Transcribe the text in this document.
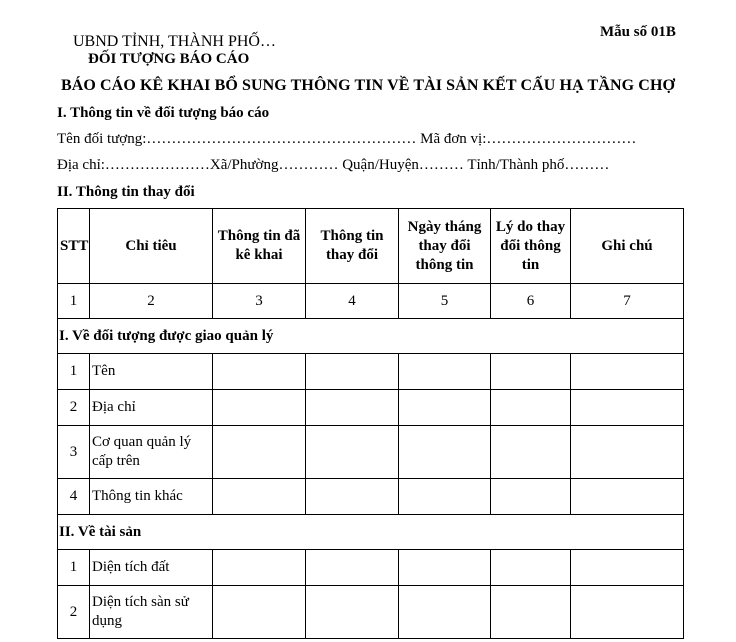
Mẫu số 01B
UBND TỈNH, THÀNH PHỐ…
ĐỐI TƯỢNG BÁO CÁO
BÁO CÁO KÊ KHAI BỔ SUNG THÔNG TIN VỀ TÀI SẢN KẾT CẤU HẠ TẦNG CHỢ
I. Thông tin về đối tượng báo cáo
Tên đối tượng:……………………………………………… Mã đơn vị:…………………………
Địa chỉ:…………………Xã/Phường………… Quận/Huyện……… Tỉnh/Thành phố………
II. Thông tin thay đổi
STT	Chỉ tiêu	Thông tin đã kê khai	Thông tin thay đổi	Ngày tháng thay đổi thông tin	Lý do thay đổi thông tin	Ghi chú
1	2	3	4	5	6	7
I. Về đối tượng được giao quản lý						
1	Tên					
2	Địa chỉ					
3	Cơ quan quản lý cấp trên					
4	Thông tin khác					
II. Về tài sản						
1	Diện tích đất					
2	Diện tích sàn sử dụng					
